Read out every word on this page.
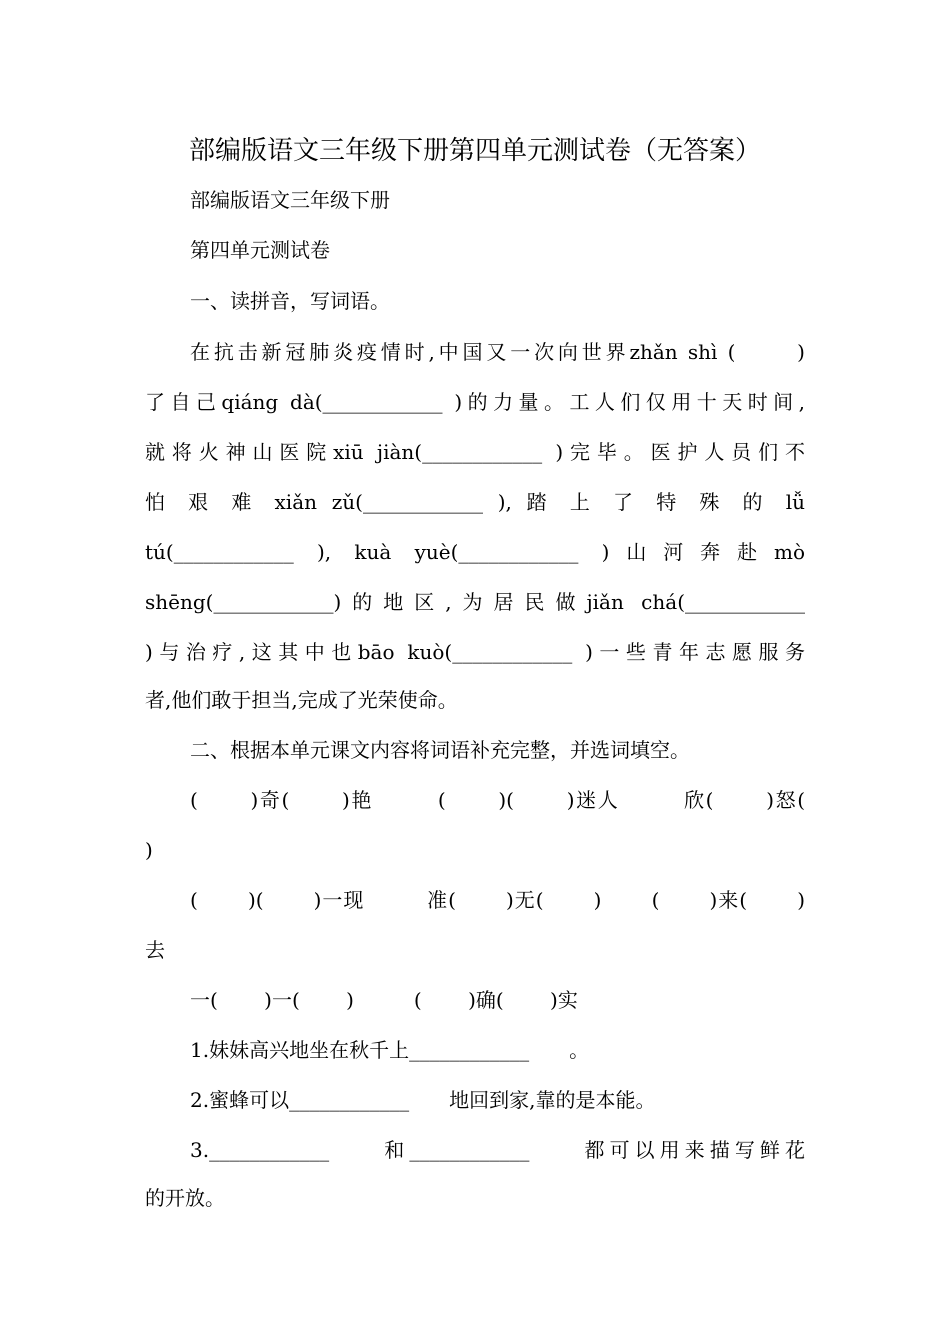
部编版语文三年级下册第四单元测试卷（无答案）
部编版语文三年级下册
第四单元测试卷
一、读拼音，写词语。
在抗击新冠肺炎疫情时,中国又一次向世界zhǎn shì (　　 )
了自己qiáng dà(____________ )的力量。工人们仅用十天时间,
就将火神山医院xiū jiàn(____________ )完毕。医护人员们不
怕 艰 难 xiǎn zǔ(____________ ), 踏 上 了 特 殊 的 lǚ
tú(____________ ), kuà yuè(____________ )山河奔赴mò
shēng(____________)的地区,为居民做jiǎn chá(____________
)与治疗,这其中也bāo kuò(____________ )一些青年志愿服务
者,他们敢于担当,完成了光荣使命。
二、根据本单元课文内容将词语补充完整，并选词填空。
(　　 )奇(　　 )艳　　　(　　 )(　　 )迷人　　　欣(　　 )怒(
)
(　　 )(　　 )一现　　　准(　　 )无(　　 )　　 (　　 )来(　　 )
去
一(　　 )一(　　 )　　　(　　 )确(　　 )实
1.妹妹高兴地坐在秋千上____________　　。
2.蜜蜂可以____________　　地回到家,靠的是本能。
3.____________　　和____________　　都可以用来描写鲜花
的开放。
